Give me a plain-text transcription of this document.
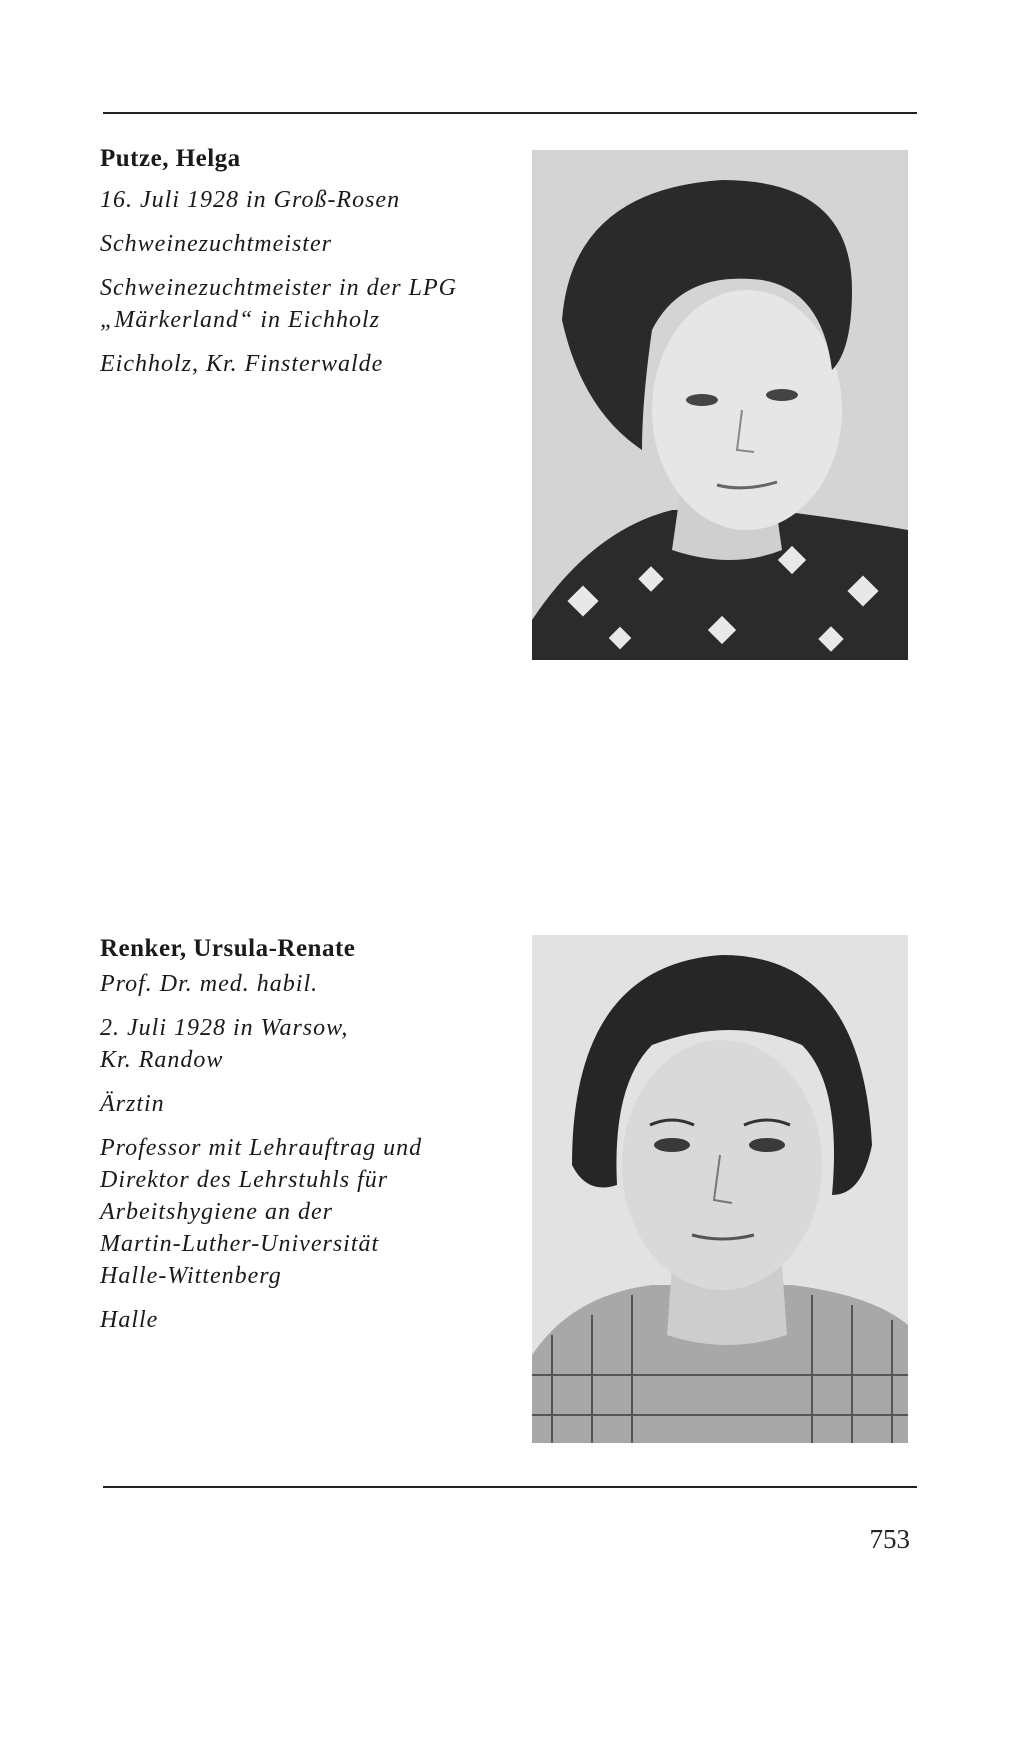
Putze, Helga

16. Juli 1928 in Groß-Rosen

Schweinezuchtmeister

Schweinezuchtmeister in der LPG

„Märkerland“ in Eichholz

Eichholz, Kr. Finsterwalde

Renker, Ursula-Renate

Prof. Dr. med. habil.

2. Juli 1928 in Warsow,

Kr. Randow

Ärztin

Professor mit Lehrauftrag und

Direktor des Lehrstuhls für

Arbeitshygiene an der

Martin-Luther-Universität

Halle-Wittenberg

Halle

753
